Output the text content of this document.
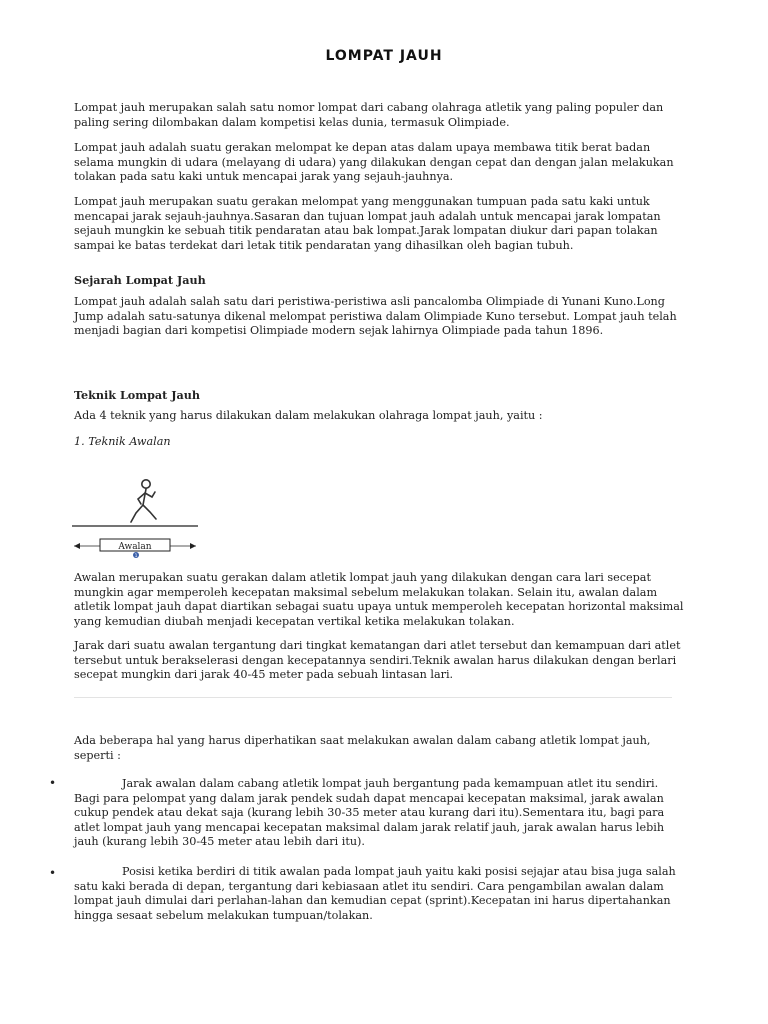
LOMPAT JAUH

Lompat jauh merupakan salah satu nomor lompat dari cabang olahraga atletik yang paling populer dan paling sering dilombakan dalam kompetisi kelas dunia, termasuk Olimpiade.

Lompat jauh adalah suatu gerakan melompat ke depan atas dalam upaya membawa titik berat badan selama mungkin di udara (melayang di udara) yang dilakukan dengan cepat dan dengan jalan melakukan tolakan pada satu kaki untuk mencapai jarak yang sejauh-jauhnya.

Lompat jauh merupakan suatu gerakan melompat yang menggunakan tumpuan pada satu kaki untuk mencapai jarak sejauh-jauhnya.Sasaran dan tujuan lompat jauh adalah untuk mencapai jarak lompatan sejauh mungkin ke sebuah titik pendaratan atau bak lompat.Jarak lompatan diukur dari papan tolakan sampai ke batas terdekat dari letak titik pendaratan yang dihasilkan oleh bagian tubuh.

Sejarah Lompat Jauh

Lompat jauh adalah salah satu dari peristiwa-peristiwa asli pancalomba Olimpiade di Yunani Kuno.Long Jump adalah satu-satunya dikenal melompat peristiwa dalam Olimpiade Kuno tersebut. Lompat jauh telah menjadi bagian dari kompetisi Olimpiade modern sejak lahirnya Olimpiade pada tahun 1896.

Teknik Lompat Jauh

Ada 4 teknik yang harus dilakukan dalam melakukan olahraga lompat jauh, yaitu :

1. Teknik Awalan

Awalan
1

Awalan merupakan suatu gerakan dalam atletik lompat jauh yang dilakukan dengan cara lari secepat mungkin agar memperoleh kecepatan maksimal sebelum melakukan tolakan. Selain itu, awalan dalam atletik lompat jauh dapat diartikan sebagai suatu upaya untuk memperoleh kecepatan horizontal maksimal yang kemudian diubah menjadi kecepatan vertikal ketika melakukan tolakan.

Jarak dari suatu awalan tergantung dari tingkat kematangan dari atlet tersebut dan kemampuan dari atlet tersebut untuk berakselerasi dengan kecepatannya sendiri.Teknik awalan harus dilakukan dengan berlari secepat mungkin dari jarak 40-45 meter pada sebuah lintasan lari.

Ada beberapa hal yang harus diperhatikan saat melakukan awalan dalam cabang atletik lompat jauh, seperti :

•	Jarak awalan dalam cabang atletik lompat jauh bergantung pada kemampuan atlet itu sendiri. Bagi para pelompat yang dalam jarak pendek sudah dapat mencapai kecepatan maksimal, jarak awalan cukup pendek atau dekat saja (kurang lebih 30-35 meter atau kurang dari itu).Sementara itu, bagi para atlet lompat jauh yang mencapai kecepatan maksimal dalam jarak relatif jauh, jarak awalan harus lebih jauh (kurang lebih 30-45 meter atau lebih dari itu).

•	Posisi ketika berdiri di titik awalan pada lompat jauh yaitu kaki posisi sejajar atau bisa juga salah satu kaki berada di depan, tergantung dari kebiasaan atlet itu sendiri. Cara pengambilan awalan dalam lompat jauh dimulai dari perlahan-lahan dan kemudian cepat (sprint).Kecepatan ini harus dipertahankan hingga sesaat sebelum melakukan tumpuan/tolakan.
